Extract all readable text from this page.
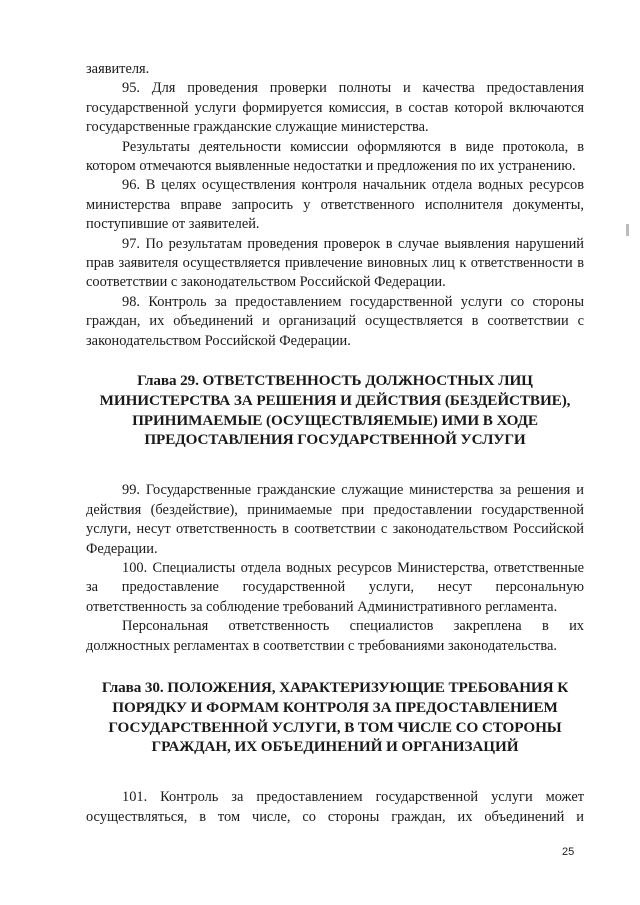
заявителя.

95. Для проведения проверки полноты и качества предоставления государственной услуги формируется комиссия, в состав которой включаются государственные гражданские служащие министерства.

Результаты деятельности комиссии оформляются в виде протокола, в котором отмечаются выявленные недостатки и предложения по их устранению.

96. В целях осуществления контроля начальник отдела водных ресурсов министерства вправе запросить у ответственного исполнителя документы, поступившие от заявителей.

97. По результатам проведения проверок в случае выявления нарушений прав заявителя осуществляется привлечение виновных лиц к ответственности в соответствии с законодательством Российской Федерации.

98. Контроль за предоставлением государственной услуги со стороны граждан, их объединений и организаций осуществляется в соответствии с законодательством Российской Федерации.

Глава 29. ОТВЕТСТВЕННОСТЬ ДОЛЖНОСТНЫХ ЛИЦ МИНИСТЕРСТВА ЗА РЕШЕНИЯ И ДЕЙСТВИЯ (БЕЗДЕЙСТВИЕ), ПРИНИМАЕМЫЕ (ОСУЩЕСТВЛЯЕМЫЕ) ИМИ В ХОДЕ ПРЕДОСТАВЛЕНИЯ ГОСУДАРСТВЕННОЙ УСЛУГИ

99. Государственные гражданские служащие министерства за решения и действия (бездействие), принимаемые при предоставлении государственной услуги, несут ответственность в соответствии с законодательством Российской Федерации.

100. Специалисты отдела водных ресурсов Министерства, ответственные за предоставление государственной услуги, несут персональную ответственность за соблюдение требований Административного регламента.

Персональная ответственность специалистов закреплена в их должностных регламентах в соответствии с требованиями законодательства.

Глава 30. ПОЛОЖЕНИЯ, ХАРАКТЕРИЗУЮЩИЕ ТРЕБОВАНИЯ К ПОРЯДКУ И ФОРМАМ КОНТРОЛЯ ЗА ПРЕДОСТАВЛЕНИЕМ ГОСУДАРСТВЕННОЙ УСЛУГИ, В ТОМ ЧИСЛЕ СО СТОРОНЫ ГРАЖДАН, ИХ ОБЪЕДИНЕНИЙ И ОРГАНИЗАЦИЙ

101. Контроль за предоставлением государственной услуги может осуществляться, в том числе, со стороны граждан, их объединений и

25
